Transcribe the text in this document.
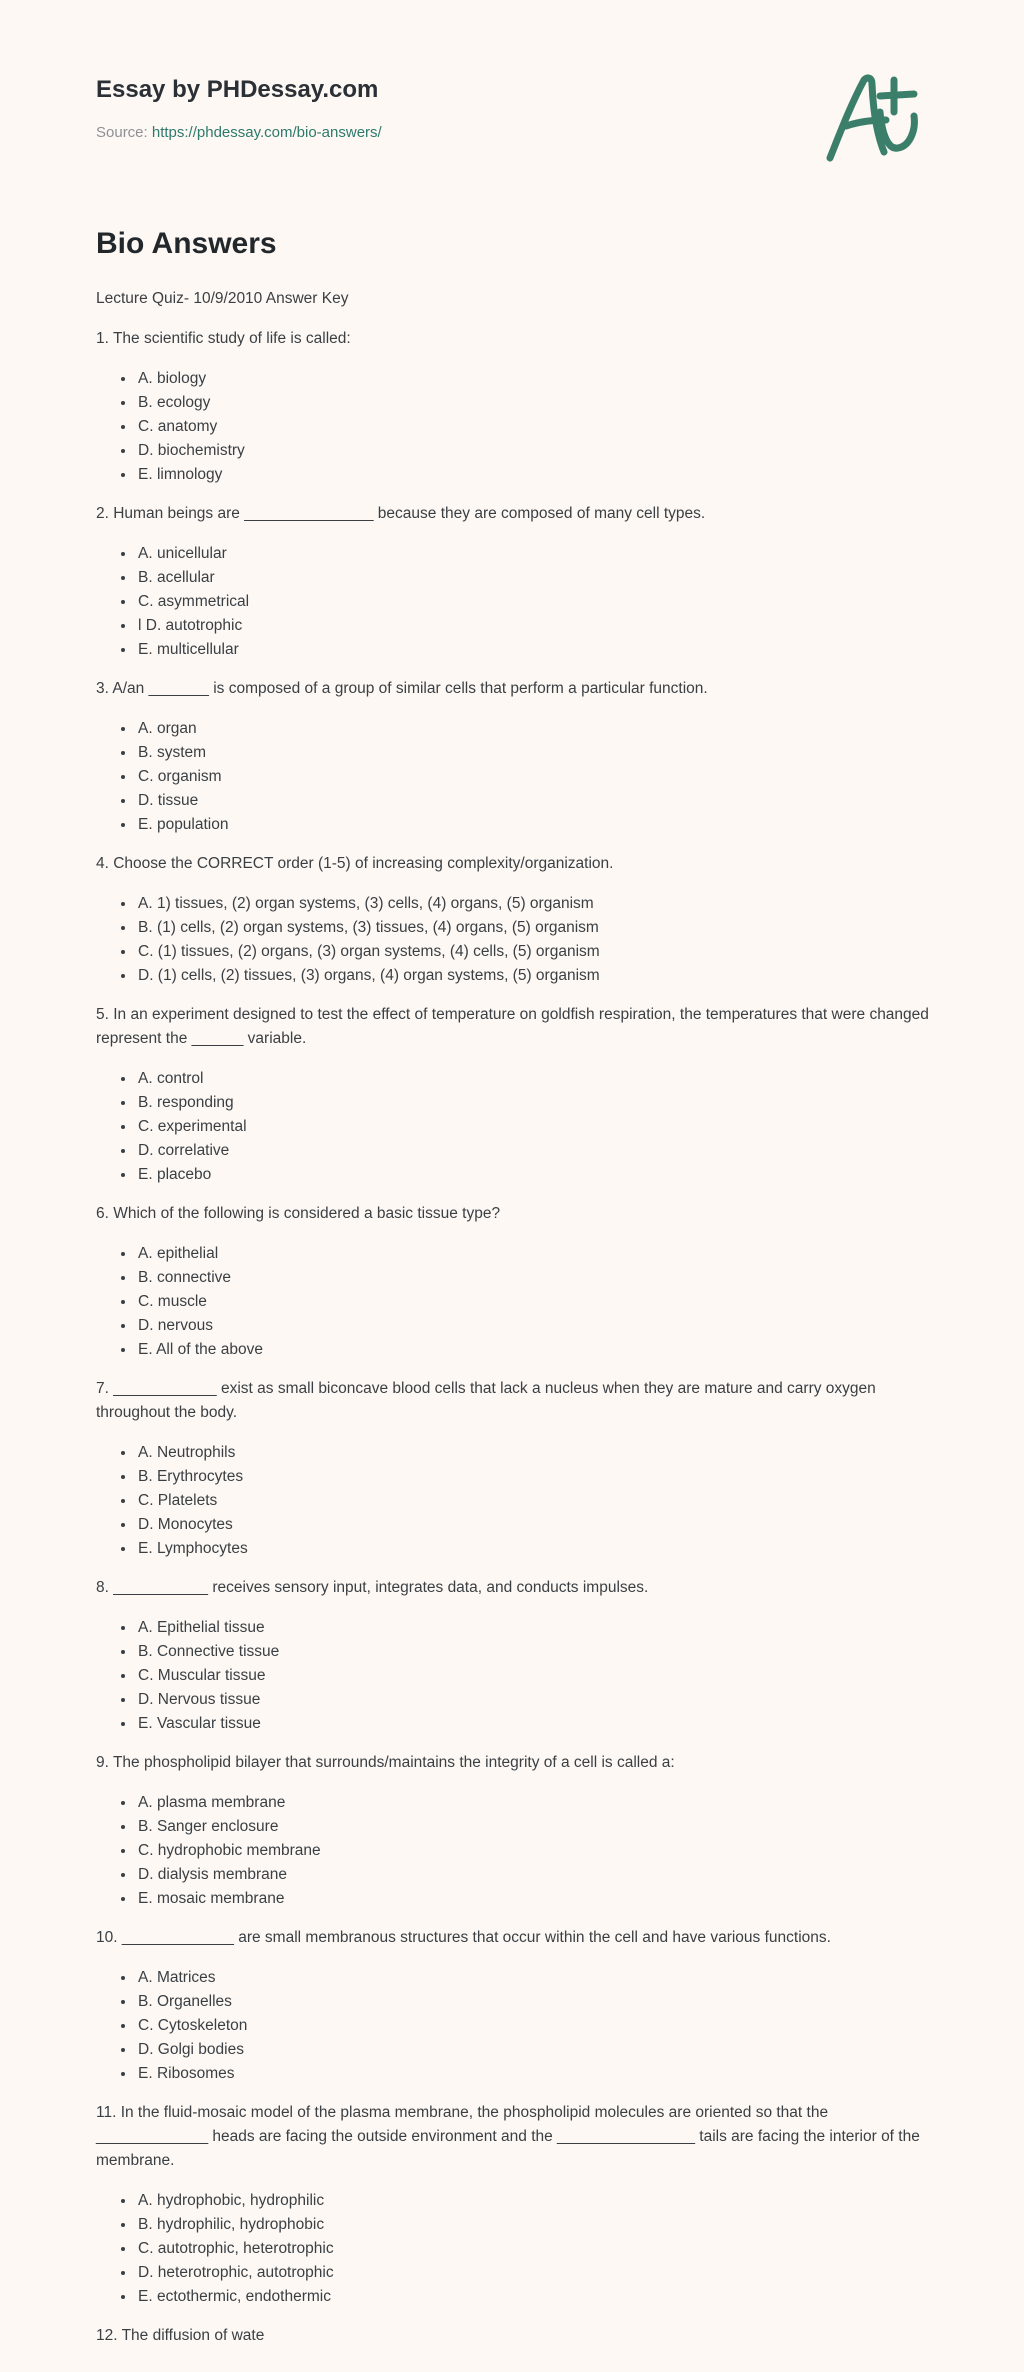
Essay by PHDessay.com
Source: https://phdessay.com/bio-answers/
Bio Answers

Lecture Quiz- 10/9/2010 Answer Key

1. The scientific study of life is called:

• A. biology
• B. ecology
• C. anatomy
• D. biochemistry
• E. limnology

2. Human beings are _______________ because they are composed of many cell types.

• A. unicellular
• B. acellular
• C. asymmetrical
• l D. autotrophic
• E. multicellular

3. A/an _______ is composed of a group of similar cells that perform a particular function.

• A. organ
• B. system
• C. organism
• D. tissue
• E. population

4. Choose the CORRECT order (1-5) of increasing complexity/organization.

• A. 1) tissues, (2) organ systems, (3) cells, (4) organs, (5) organism
• B. (1) cells, (2) organ systems, (3) tissues, (4) organs, (5) organism
• C. (1) tissues, (2) organs, (3) organ systems, (4) cells, (5) organism
• D. (1) cells, (2) tissues, (3) organs, (4) organ systems, (5) organism

5. In an experiment designed to test the effect of temperature on goldfish respiration, the temperatures that were changed represent the ______ variable.

• A. control
• B. responding
• C. experimental
• D. correlative
• E. placebo

6. Which of the following is considered a basic tissue type?

• A. epithelial
• B. connective
• C. muscle
• D. nervous
• E. All of the above

7. ____________ exist as small biconcave blood cells that lack a nucleus when they are mature and carry oxygen throughout the body.

• A. Neutrophils
• B. Erythrocytes
• C. Platelets
• D. Monocytes
• E. Lymphocytes

8. ___________ receives sensory input, integrates data, and conducts impulses.

• A. Epithelial tissue
• B. Connective tissue
• C. Muscular tissue
• D. Nervous tissue
• E. Vascular tissue

9. The phospholipid bilayer that surrounds/maintains the integrity of a cell is called a:

• A. plasma membrane
• B. Sanger enclosure
• C. hydrophobic membrane
• D. dialysis membrane
• E. mosaic membrane

10. _____________ are small membranous structures that occur within the cell and have various functions.

• A. Matrices
• B. Organelles
• C. Cytoskeleton
• D. Golgi bodies
• E. Ribosomes

11. In the fluid-mosaic model of the plasma membrane, the phospholipid molecules are oriented so that the _____________ heads are facing the outside environment and the ________________ tails are facing the interior of the membrane.

• A. hydrophobic, hydrophilic
• B. hydrophilic, hydrophobic
• C. autotrophic, heterotrophic
• D. heterotrophic, autotrophic
• E. ectothermic, endothermic

12. The diffusion of wate
